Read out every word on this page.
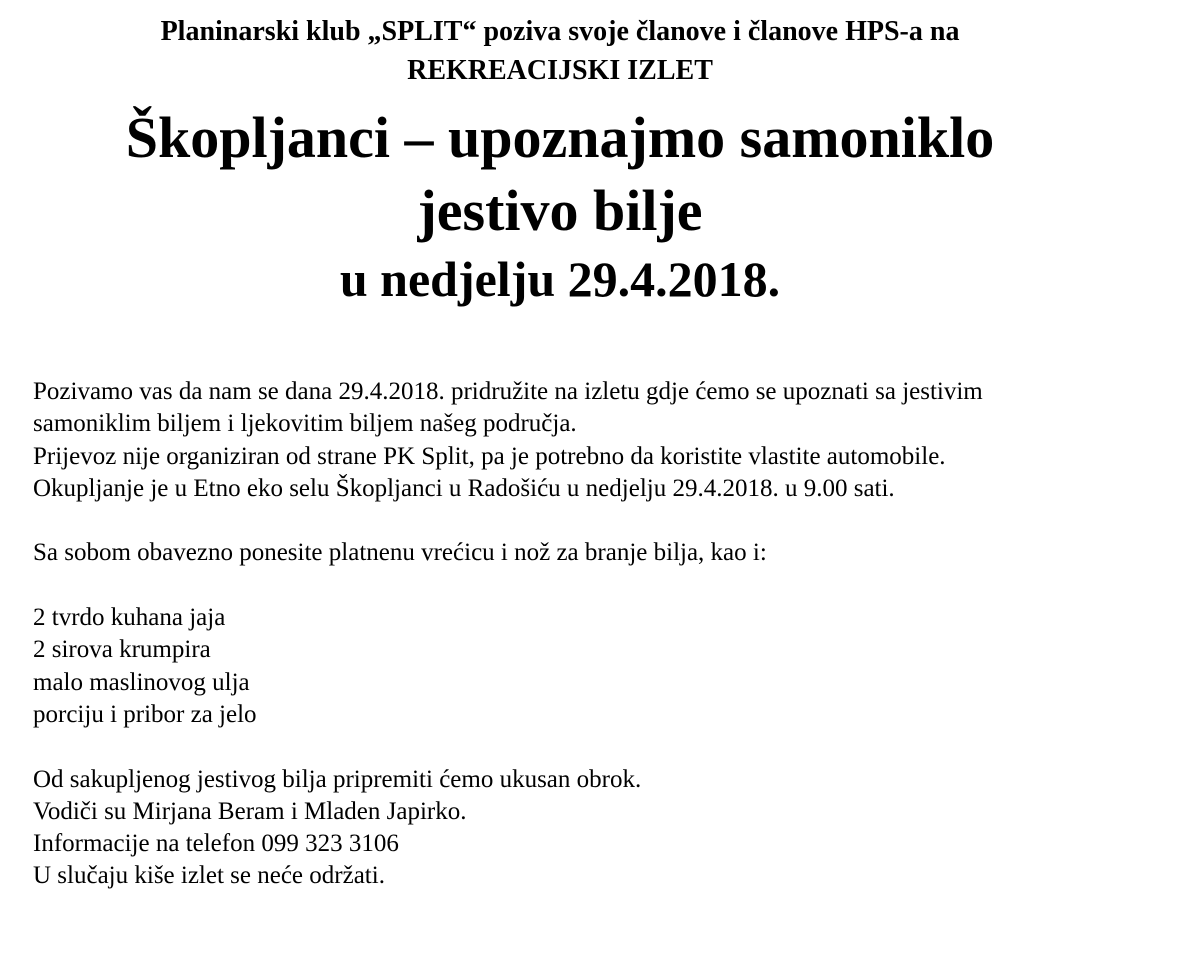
Planinarski klub „SPLIT“ poziva svoje članove i članove HPS-a na
REKREACIJSKI IZLET
Škopljanci – upoznajmo samoniklo
jestivo bilje
u nedjelju 29.4.2018.
Pozivamo vas da nam se dana 29.4.2018. pridružite na izletu gdje ćemo se upoznati sa jestivim
samoniklim biljem i ljekovitim biljem našeg područja.
Prijevoz nije organiziran od strane PK Split, pa je potrebno da koristite vlastite automobile.
Okupljanje je u Etno eko selu Škopljanci u Radošiću u nedjelju 29.4.2018. u 9.00 sati.
Sa sobom obavezno ponesite platnenu vrećicu i nož za branje bilja, kao i:
2 tvrdo kuhana jaja
2 sirova krumpira
malo maslinovog ulja
porciju i pribor za jelo
Od sakupljenog jestivog bilja pripremiti ćemo ukusan obrok.
Vodiči su Mirjana Beram i Mladen Japirko.
Informacije na telefon 099 323 3106
U slučaju kiše izlet se neće održati.
